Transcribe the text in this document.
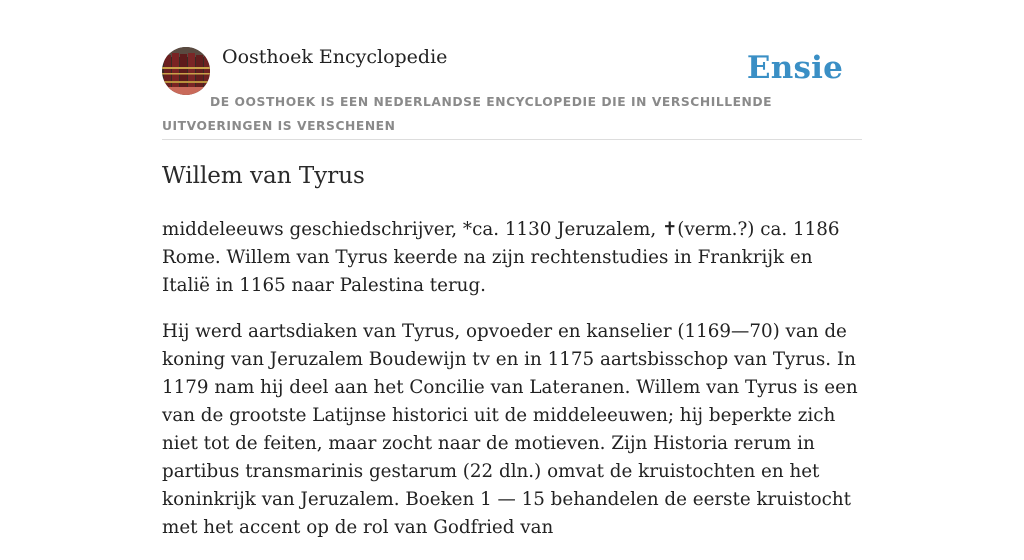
Oosthoek Encyclopedie	Ensie
DE OOSTHOEK IS EEN NEDERLANDSE ENCYCLOPEDIE DIE IN VERSCHILLENDE UITVOERINGEN IS VERSCHENEN
Willem van Tyrus

middeleeuws geschiedschrijver, *ca. 1130 Jeruzalem, ✝(verm.?) ca. 1186 Rome. Willem van Tyrus keerde na zijn rechtenstudies in Frankrijk en Italië in 1165 naar Palestina terug.

Hij werd aartsdiaken van Tyrus, opvoeder en kanselier (1169—70) van de koning van Jeruzalem Boudewijn tv en in 1175 aartsbisschop van Tyrus. In 1179 nam hij deel aan het Concilie van Lateranen. Willem van Tyrus is een van de grootste Latijnse historici uit de middeleeuwen; hij beperkte zich niet tot de feiten, maar zocht naar de motieven. Zijn Historia rerum in partibus transmarinis gestarum (22 dln.) omvat de kruistochten en het koninkrijk van Jeruzalem. Boeken 1 — 15 behandelen de eerste kruistocht met het accent op de rol van Godfried van
